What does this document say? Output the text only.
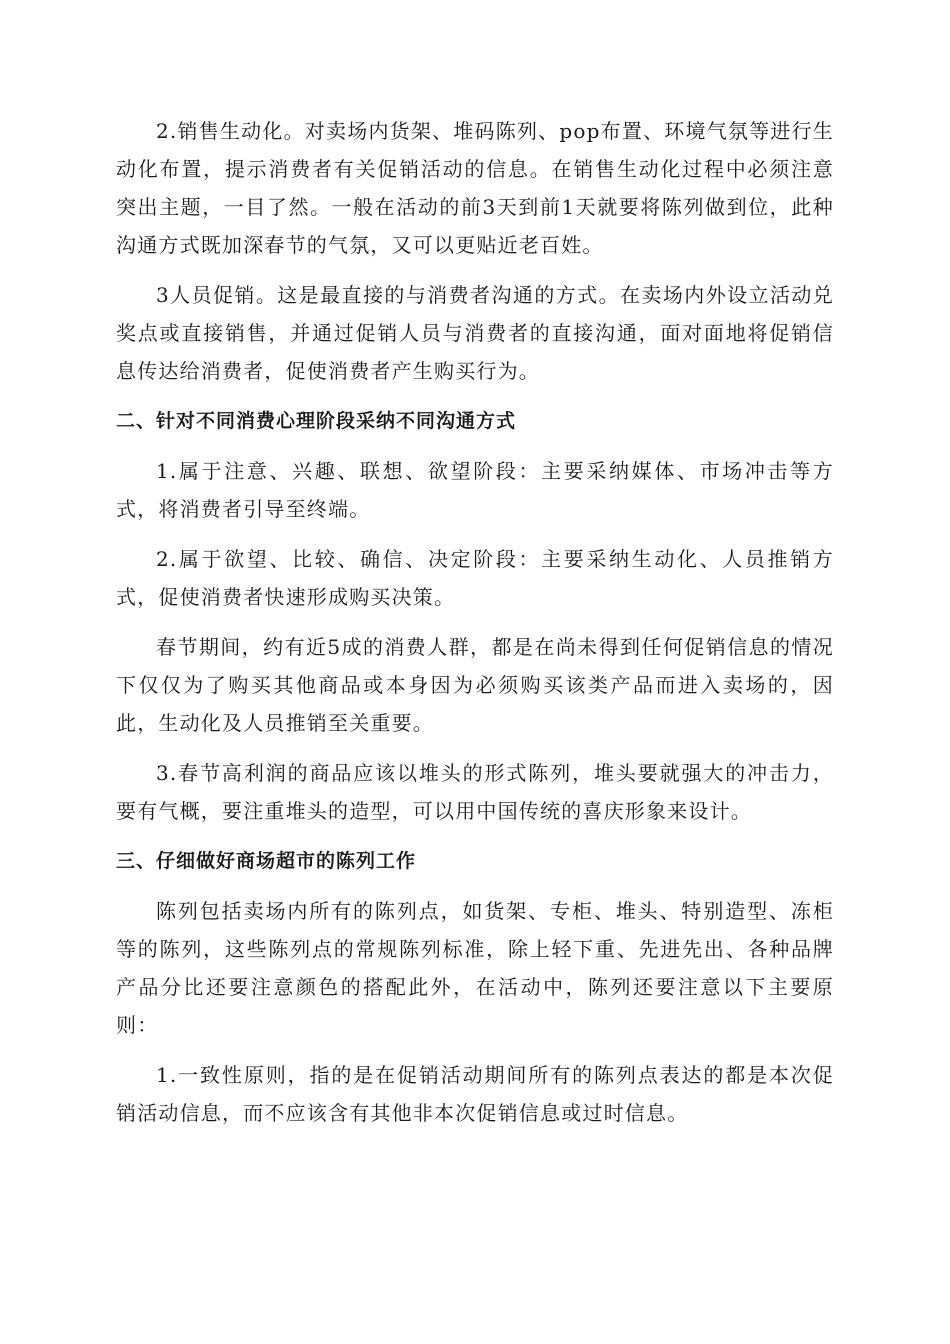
2.销售生动化。对卖场内货架、堆码陈列、pop布置、环境气氛等进行生动化布置，提示消费者有关促销活动的信息。在销售生动化过程中必须注意突出主题，一目了然。一般在活动的前3天到前1天就要将陈列做到位，此种沟通方式既加深春节的气氛，又可以更贴近老百姓。

3人员促销。这是最直接的与消费者沟通的方式。在卖场内外设立活动兑奖点或直接销售，并通过促销人员与消费者的直接沟通，面对面地将促销信息传达给消费者，促使消费者产生购买行为。

二、针对不同消费心理阶段采纳不同沟通方式

1.属于注意、兴趣、联想、欲望阶段：主要采纳媒体、市场冲击等方式，将消费者引导至终端。

2.属于欲望、比较、确信、决定阶段：主要采纳生动化、人员推销方式，促使消费者快速形成购买决策。

春节期间，约有近5成的消费人群，都是在尚未得到任何促销信息的情况下仅仅为了购买其他商品或本身因为必须购买该类产品而进入卖场的，因此，生动化及人员推销至关重要。

3.春节高利润的商品应该以堆头的形式陈列，堆头要就强大的冲击力，要有气概，要注重堆头的造型，可以用中国传统的喜庆形象来设计。

三、仔细做好商场超市的陈列工作

陈列包括卖场内所有的陈列点，如货架、专柜、堆头、特别造型、冻柜等的陈列，这些陈列点的常规陈列标准，除上轻下重、先进先出、各种品牌产品分比还要注意颜色的搭配此外，在活动中，陈列还要注意以下主要原则：

1.一致性原则，指的是在促销活动期间所有的陈列点表达的都是本次促销活动信息，而不应该含有其他非本次促销信息或过时信息。
